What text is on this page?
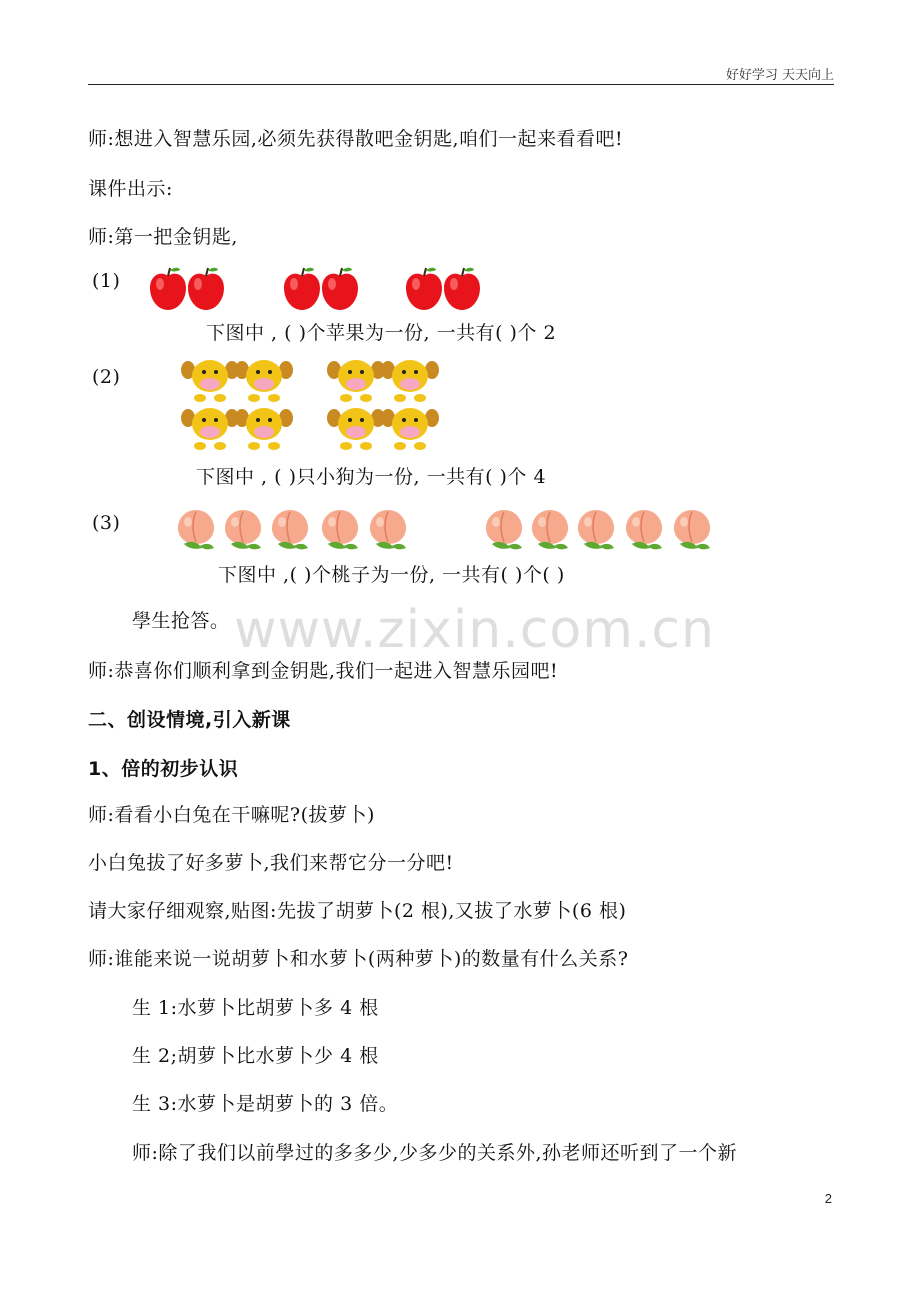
好好学习 天天向上
师:想进入智慧乐园,必须先获得散吧金钥匙,咱们一起来看看吧!
课件出示:
师:第一把金钥匙,
(1)
下图中 , ( )个苹果为一份, 一共有( )个 2
(2)
下图中 , ( )只小狗为一份, 一共有( )个 4
(3)
下图中 ,( )个桃子为一份, 一共有( )个( )
www.zixin.com.cn
學生抢答。
师:恭喜你们顺利拿到金钥匙,我们一起进入智慧乐园吧!
二、创设情境,引入新课
1、倍的初步认识
师:看看小白兔在干嘛呢?(拔萝卜)
小白兔拔了好多萝卜,我们来帮它分一分吧!
请大家仔细观察,贴图:先拔了胡萝卜(2 根),又拔了水萝卜(6 根)
师:谁能来说一说胡萝卜和水萝卜(两种萝卜)的数量有什么关系?
生 1:水萝卜比胡萝卜多 4 根
生 2;胡萝卜比水萝卜少 4 根
生 3:水萝卜是胡萝卜的 3 倍。
师:除了我们以前學过的多多少,少多少的关系外,孙老师还听到了一个新
2
